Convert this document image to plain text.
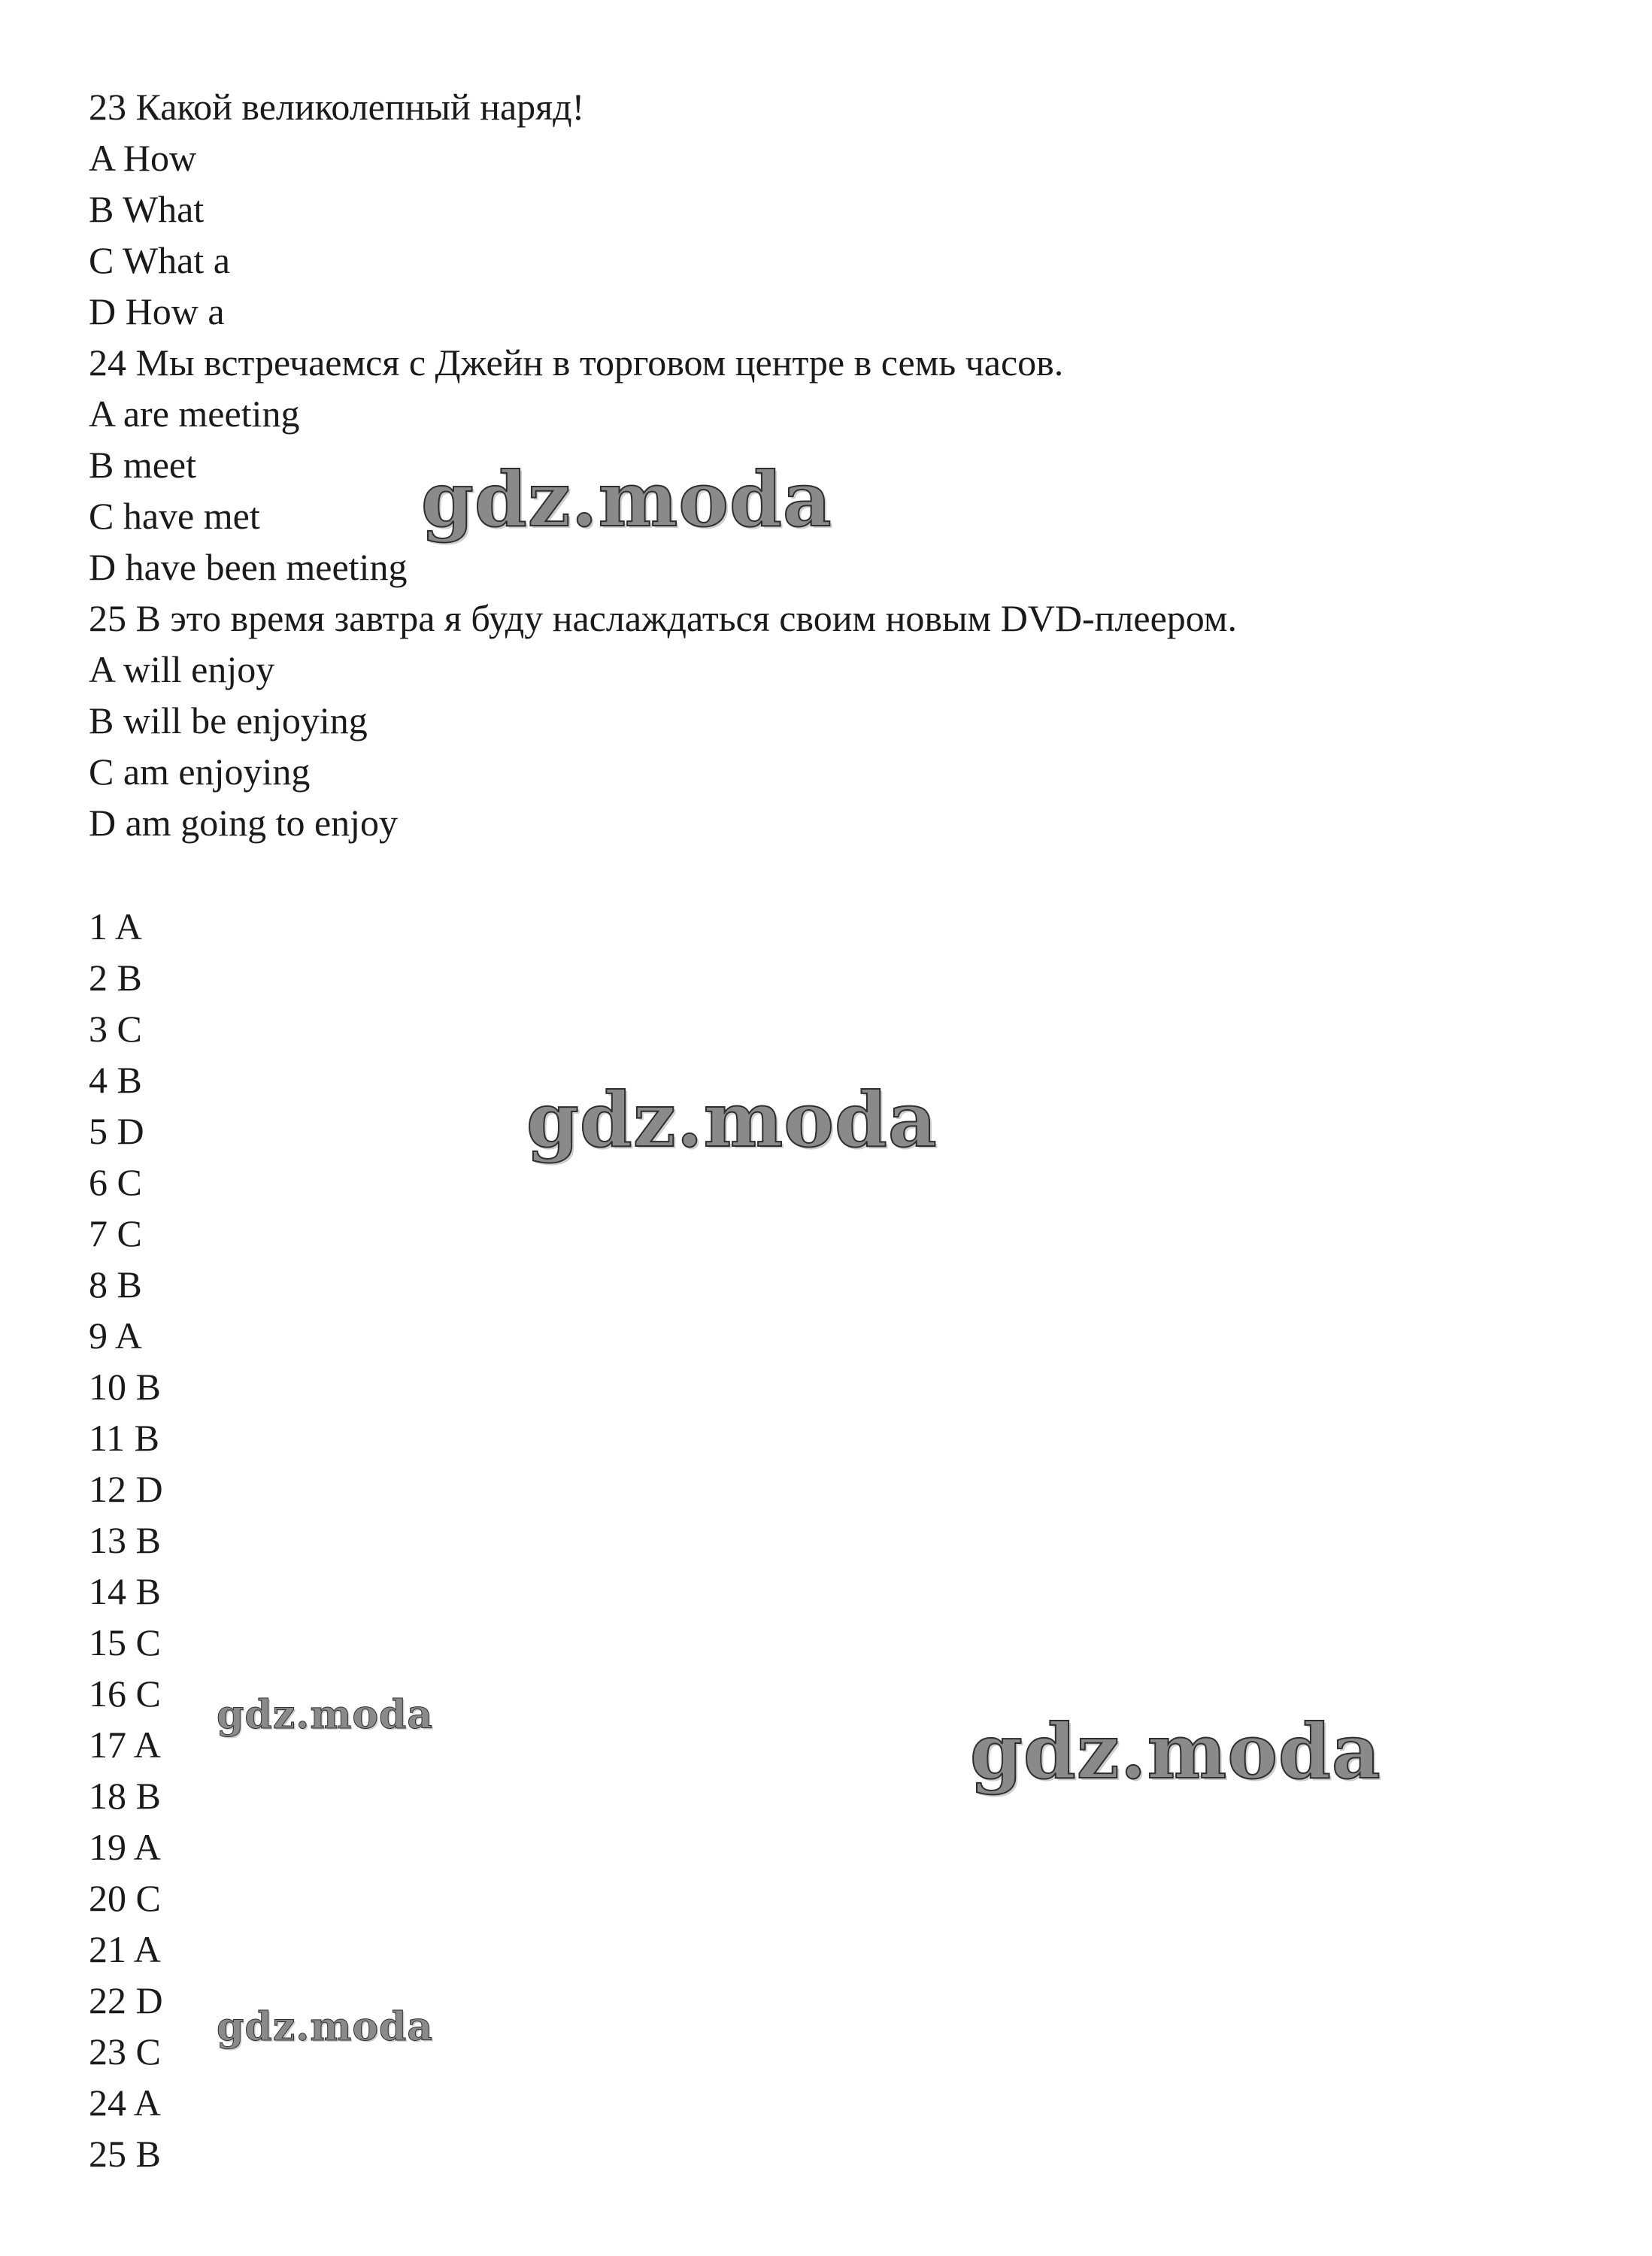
23 Какой великолепный наряд!
A How
B What
C What a
D How a
24 Мы встречаемся с Джейн в торговом центре в семь часов.
A are meeting
B meet
C have met
D have been meeting
25 В это время завтра я буду наслаждаться своим новым DVD-плеером.
A will enjoy
B will be enjoying
C am enjoying
D am going to enjoy
1 A
2 B
3 C
4 B
5 D
6 C
7 C
8 B
9 A
10 B
11 B
12 D
13 B
14 B
15 C
16 C
17 A
18 B
19 A
20 C
21 A
22 D
23 C
24 A
25 B
gdz.moda
gdz.moda
gdz.moda	gdz.moda
gdz.moda
